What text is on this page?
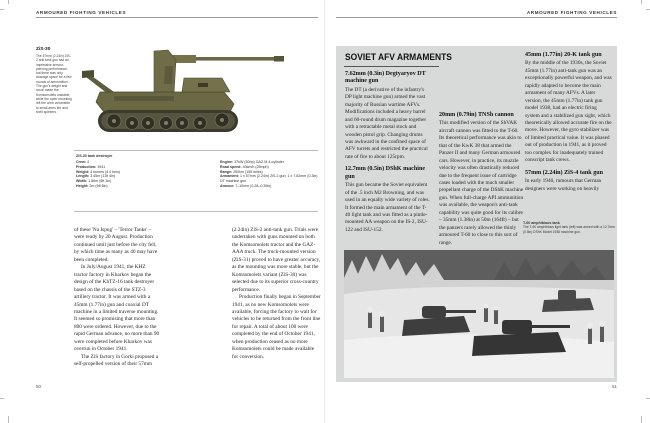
ARMOURED FIGHTING VEHICLES
ZiS-30
The 57mm (2.24in) ZiS-2 anti-tank gun had an impressive armour-piercing performance, but there was only stowage space for a few rounds of ammunition. The gun's weight and recoil made the Komsomolets unstable, while the open mounting left the crew vulnerable to small-arms fire and shell splinters.
ZiS-30 tank destroyer
Crew: 4
Production: 1941
Weight: 4 tonnes (4.4 tons)
Length: 3.45m (11ft 4in)
Width: 1.86m (6ft 1in)
Height: 2m (6ft 6in)
Engine: 37kW (50hp) GAZ-M 4-cylinder
Road speed: 40km/h (25mph)
Range: 250km (155 miles)
Armament: 1 x 57mm (2.24in) ZiS-2 gun; 1 x 7.62mm (0.3in) DT machine gun
Armour: 7–10mm (0.28–0.39in)

of these 'Na Ispug' – 'Terror Tanks' – were ready by 20 August. Production continued until just before the city fell, by which time as many as 40 may have been completed.

In July/August 1941, the KHZ tractor factory in Kharkov began the design of the KhTZ-16 tank destroyer based on the chassis of the STZ-3 artillery tractor. It was armed with a 45mm (1.77in) gun and coaxial DT machine in a limited traverse mounting. It seemed so promising that more than 800 were ordered. However, due to the rapid German advance, no more than 90 were completed before Kharkov was overrun in October 1941.

The ZiS factory in Gorki proposed a self-propelled version of their 57mm

(2.24in) ZiS-2 anti-tank gun. Trials were undertaken with guns mounted on both the Komsomolets tractor and the GAZ-AAA truck. The truck-mounted version (ZiS-31) proved to have greater accuracy, as the mounting was more stable, but the Komsomolets variant (ZiS-30) was selected due to its superior cross-country performance.

Production finally began in September 1941, as no new Komsomolets were available, forcing the factory to wait for vehicles to be returned from the front line for repair. A total of about 100 were completed by the end of October 1941, when production ceased as no more Komsomolets could be made available for conversion.

50
ARMOURED FIGHTING VEHICLES
51
SOVIET AFV ARMAMENTS
7.62mm (0.3in) Degtyaryov DT machine gun

The DT (a derivative of the infantry's DP light machine gun) armed the vast majority of Russian wartime AFVs. Modifications included a heavy barrel and 60-round drum magazine together with a retractable metal stock and wooden pistol grip. Changing drums was awkward in the confined space of AFV turrets and restricted the practical rate of fire to about 125rpm.

12.7mm (0.5in) DShK machine gun

This gun became the Soviet equivalent of the .5 inch M2 Browning, and was used in an equally wide variety of roles. It formed the main armament of the T-40 light tank and was fitted as a pintle-mounted AA weapon on the IS-2, ISU-122 and ISU-152.

20mm (0.79in) TNSh cannon

This modified version of the ShVAK aircraft cannon was fitted to the T-60. Its theoretical performance was akin to that of the KwK 38 that armed the Panzer II and many German armoured cars. However, in practice, its muzzle velocity was often drastically reduced due to the frequent issue of cartridge cases loaded with the much smaller propellant charge of the DShK machine gun. When full-charge API ammunition was available, the weapon's anti-tank capability was quite good for its calibre – 35mm (1.38in) at 50m (164ft) – but the panzers rarely allowed the thinly armoured T-60 to close to this sort of range.

45mm (1.77in) 20-K tank gun

By the middle of the 1930s, the Soviet 45mm (1.77in) anti-tank gun was an exceptionally powerful weapon, and was rapidly adapted to become the main armament of many AFVs. A later version, the 45mm (1.77in) tank gun model 1938, had an electric firing system and a stabilized gun sight, which theoretically allowed accurate fire on the move. However, the gyro stabilizer was of limited practical value. It was phased out of production in 1941, as it proved too complex for inadequately trained conscript tank crews.

57mm (2.24in) ZiS-4 tank gun

In early 1940, rumours that German designers were working on heavily

T-60 amphibious tank
The T-60 amphibious light tank (left) was armed with a 12.7mm (0.5in) DShK Model 1938 machine gun.
